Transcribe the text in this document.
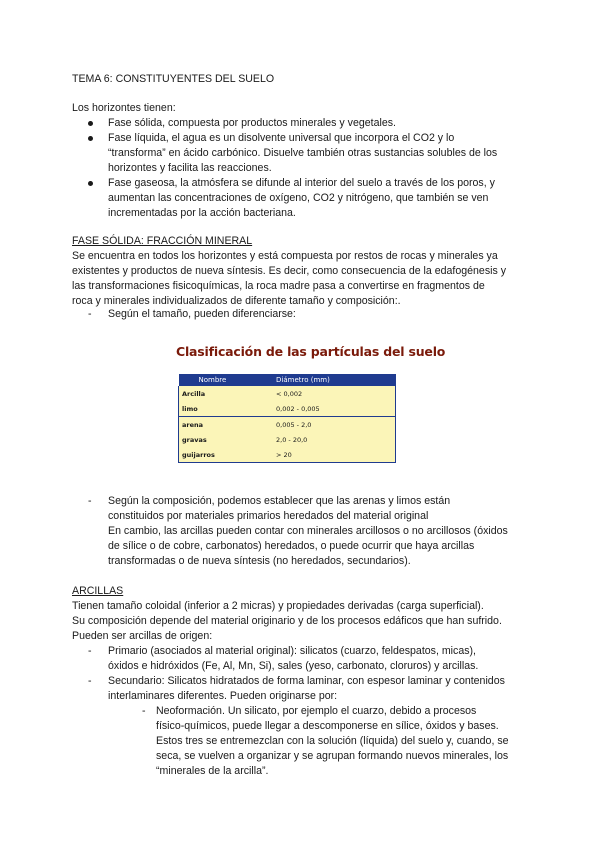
TEMA 6: CONSTITUYENTES DEL SUELO
Los horizontes tienen:
Fase sólida, compuesta por productos minerales y vegetales.
Fase líquida, el agua es un disolvente universal que incorpora el CO2 y lo
“transforma” en ácido carbónico. Disuelve también otras sustancias solubles de los
horizontes y facilita las reacciones.
Fase gaseosa, la atmósfera se difunde al interior del suelo a través de los poros, y
aumentan las concentraciones de oxígeno, CO2 y nitrógeno, que también se ven
incrementadas por la acción bacteriana.
FASE SÓLIDA: FRACCIÓN MINERAL
Se encuentra en todos los horizontes y está compuesta por restos de rocas y minerales ya
existentes y productos de nueva síntesis. Es decir, como consecuencia de la edafogénesis y
las transformaciones fisicoquímicas, la roca madre pasa a convertirse en fragmentos de
roca y minerales individualizados de diferente tamaño y composición:.
- Según el tamaño, pueden diferenciarse:
Clasificación de las partículas del suelo
Nombre	Diámetro (mm)
Arcilla	< 0,002
limo	0,002 - 0,005
arena	0,005 - 2,0
gravas	2,0 - 20,0
guijarros	> 20
- Según la composición, podemos establecer que las arenas y limos están
constituidos por materiales primarios heredados del material original
En cambio, las arcillas pueden contar con minerales arcillosos o no arcillosos (óxidos
de sílice o de cobre, carbonatos) heredados, o puede ocurrir que haya arcillas
transformadas o de nueva síntesis (no heredados, secundarios).
ARCILLAS
Tienen tamaño coloidal (inferior a 2 micras) y propiedades derivadas (carga superficial).
Su composición depende del material originario y de los procesos edáficos que han sufrido.
Pueden ser arcillas de origen:
- Primario (asociados al material original): silicatos (cuarzo, feldespatos, micas),
óxidos e hidróxidos (Fe, Al, Mn, Si), sales (yeso, carbonato, cloruros) y arcillas.
- Secundario: Silicatos hidratados de forma laminar, con espesor laminar y contenidos
interlaminares diferentes. Pueden originarse por:
- Neoformación. Un silicato, por ejemplo el cuarzo, debido a procesos
físico-químicos, puede llegar a descomponerse en sílice, óxidos y bases.
Estos tres se entremezclan con la solución (líquida) del suelo y, cuando, se
seca, se vuelven a organizar y se agrupan formando nuevos minerales, los
“minerales de la arcilla”.
